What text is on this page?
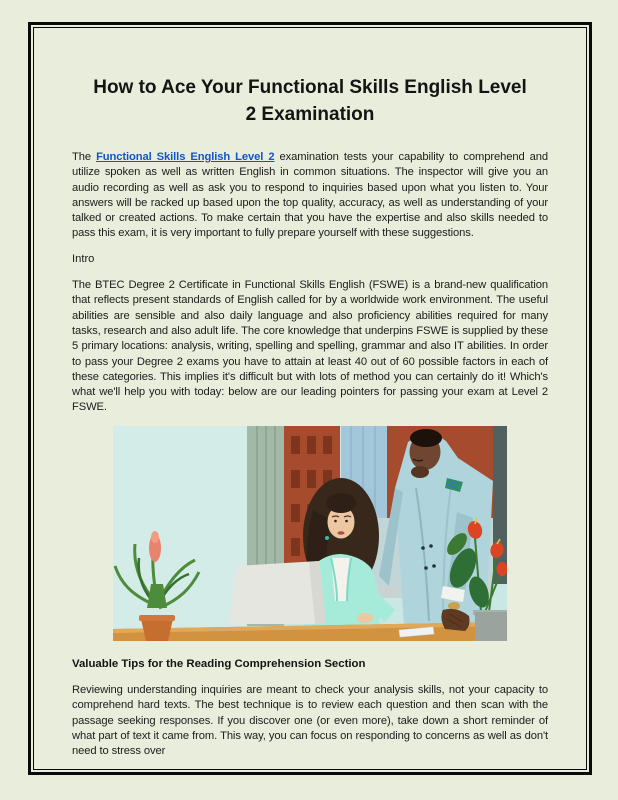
How to Ace Your Functional Skills English Level
2 Examination

The Functional Skills English Level 2 examination tests your capability to comprehend and utilize spoken as well as written English in common situations. The inspector will give you an audio recording as well as ask you to respond to inquiries based upon what you listen to. Your answers will be racked up based upon the top quality, accuracy, as well as understanding of your talked or created actions. To make certain that you have the expertise and also skills needed to pass this exam, it is very important to fully prepare yourself with these suggestions.

Intro

The BTEC Degree 2 Certificate in Functional Skills English (FSWE) is a brand-new qualification that reflects present standards of English called for by a worldwide work environment. The useful abilities are sensible and also daily language and also proficiency abilities required for many tasks, research and also adult life. The core knowledge that underpins FSWE is supplied by these 5 primary locations: analysis, writing, spelling and spelling, grammar and also IT abilities. In order to pass your Degree 2 exams you have to attain at least 40 out of 60 possible factors in each of these categories. This implies it's difficult but with lots of method you can certainly do it! Which's what we'll help you with today: below are our leading pointers for passing your exam at Level 2 FSWE.

Valuable Tips for the Reading Comprehension Section

Reviewing understanding inquiries are meant to check your analysis skills, not your capacity to comprehend hard texts. The best technique is to review each question and then scan with the passage seeking responses. If you discover one (or even more), take down a short reminder of what part of text it came from. This way, you can focus on responding to concerns as well as don't need to stress over
